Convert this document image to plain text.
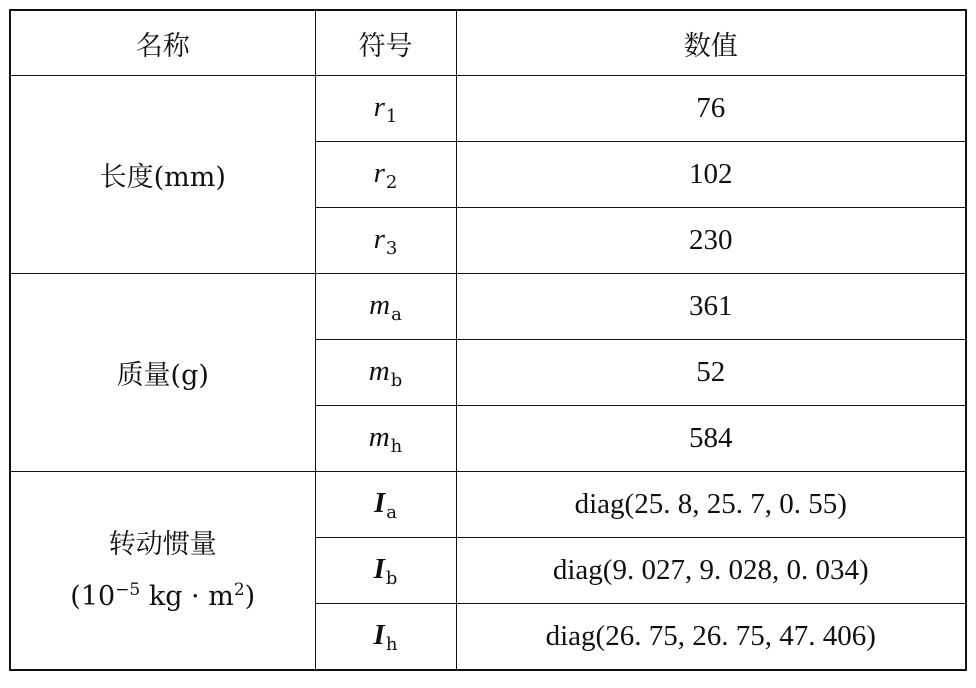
名称	符号	数值
长度(mm)	$r_1$	76
	$r_2$	102
	$r_3$	230
质量(g)	$m_a$	361
	$m_b$	52
	$m_h$	584

转动惯量
($10^{-5}$ kg · $m^2$)	$I_a$	diag(25. 8, 25. 7, 0. 55)
	$I_b$	diag(9. 027, 9. 028, 0. 034)
	$I_h$	diag(26. 75, 26. 75, 47. 406)
